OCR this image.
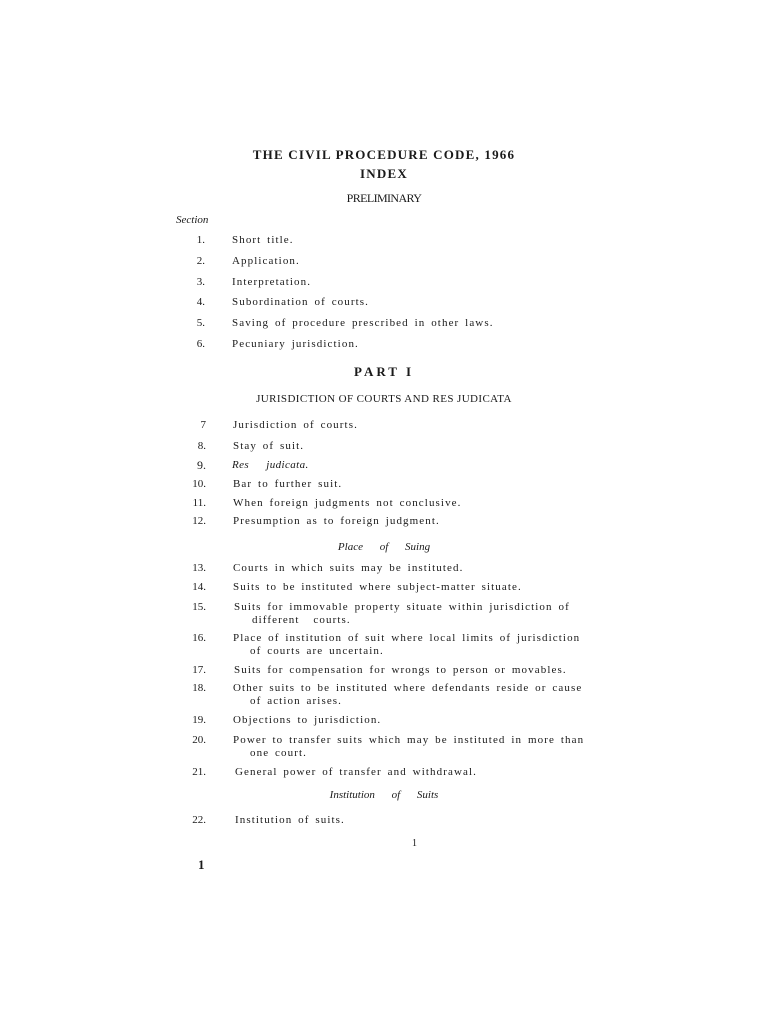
THE CIVIL PROCEDURE CODE, 1966
INDEX
PRELIMINARY
Section
1. Short title.
2. Application.
3. Interpretation.
4. Subordination of courts.
5. Saving of procedure prescribed in other laws.
6. Pecuniary jurisdiction.
PART I
JURISDICTION OF COURTS AND RES JUDICATA
7 Jurisdiction of courts.
8. Stay of suit.
9. Res judicata.
10. Bar to further suit.
11. When foreign judgments not conclusive.
12. Presumption as to foreign judgment.
Place of Suing
13. Courts in which suits may be instituted.
14. Suits to be instituted where subject-matter situate.
15.	Suits for immovable property situate within jurisdiction of
different courts.
16. Place of institution of suit where local limits of jurisdiction
of courts are uncertain.
17.	Suits for compensation for wrongs to person or movables.
18. Other suits to be instituted where defendants reside or cause
of action arises.
19. Objections to jurisdiction.
20. Power to transfer suits which may be instituted in more than
one court.
21.	General power of transfer and withdrawal.
Institution of Suits
22.	Institution of suits.
1
1
